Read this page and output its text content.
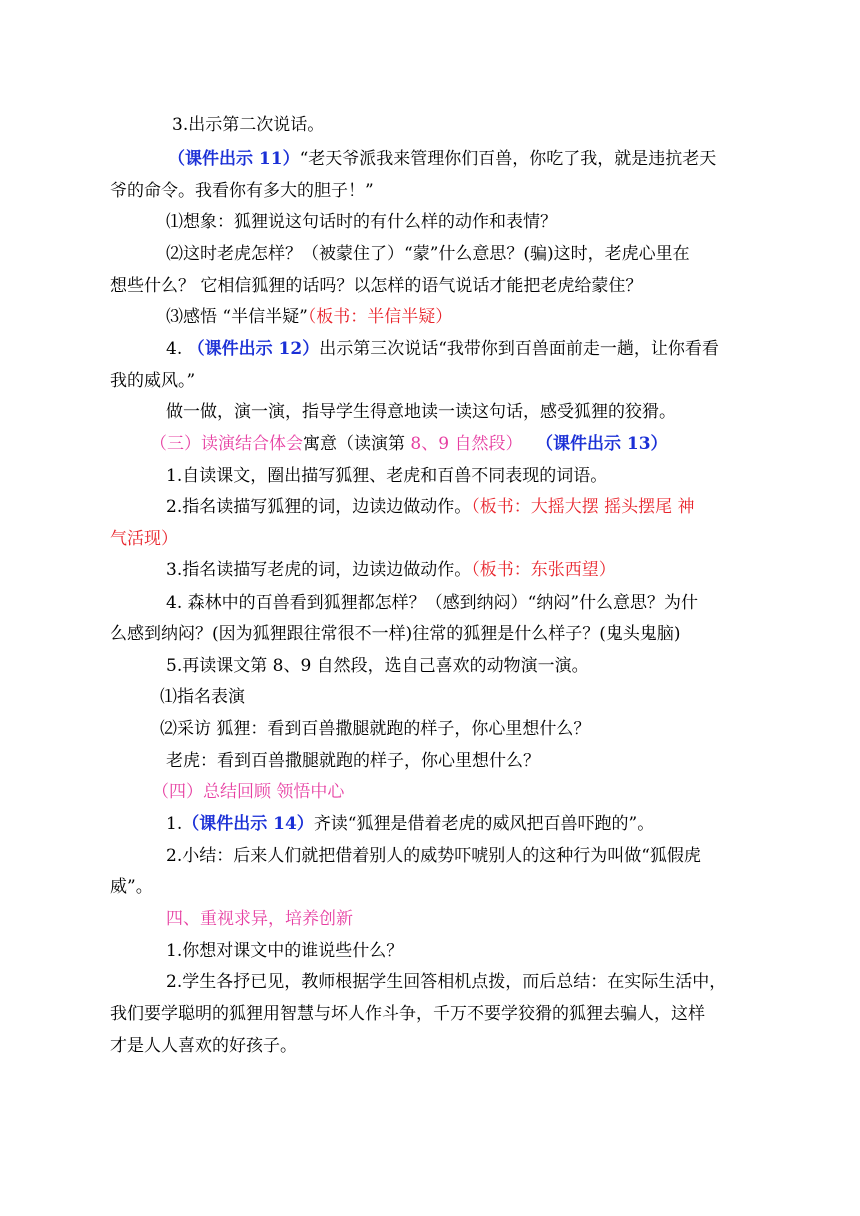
3.出示第二次说话。
（课件出示 11）“老天爷派我来管理你们百兽，你吃了我，就是违抗老天
爷的命令。我看你有多大的胆子！”
⑴想象：狐狸说这句话时的有什么样的动作和表情？
⑵这时老虎怎样？（被蒙住了）“蒙”什么意思？(骗)这时，老虎心里在
想些什么？ 它相信狐狸的话吗？以怎样的语气说话才能把老虎给蒙住？
⑶感悟 “半信半疑”（板书：半信半疑）
4. （课件出示 12）出示第三次说话“我带你到百兽面前走一趟，让你看看
我的威风。”
做一做，演一演，指导学生得意地读一读这句话，感受狐狸的狡猾。
（三）读演结合体会寓意（读演第 8、9 自然段） （课件出示 13）
1.自读课文，圈出描写狐狸、老虎和百兽不同表现的词语。
2.指名读描写狐狸的词，边读边做动作。（板书：大摇大摆 摇头摆尾 神
气活现）
3.指名读描写老虎的词，边读边做动作。（板书：东张西望）
4. 森林中的百兽看到狐狸都怎样？（感到纳闷）“纳闷”什么意思？为什
么感到纳闷？(因为狐狸跟往常很不一样)往常的狐狸是什么样子？(鬼头鬼脑)
5.再读课文第 8、9 自然段，选自己喜欢的动物演一演。
⑴指名表演
⑵采访 狐狸：看到百兽撒腿就跑的样子，你心里想什么？
老虎：看到百兽撒腿就跑的样子，你心里想什么？
（四）总结回顾 领悟中心
1.（课件出示 14）齐读“狐狸是借着老虎的威风把百兽吓跑的”。
2.小结：后来人们就把借着别人的威势吓唬别人的这种行为叫做“狐假虎
威”。
四、重视求异，培养创新
1.你想对课文中的谁说些什么？
2.学生各抒已见，教师根据学生回答相机点拨，而后总结：在实际生活中，
我们要学聪明的狐狸用智慧与坏人作斗争，千万不要学狡猾的狐狸去骗人，这样
才是人人喜欢的好孩子。
